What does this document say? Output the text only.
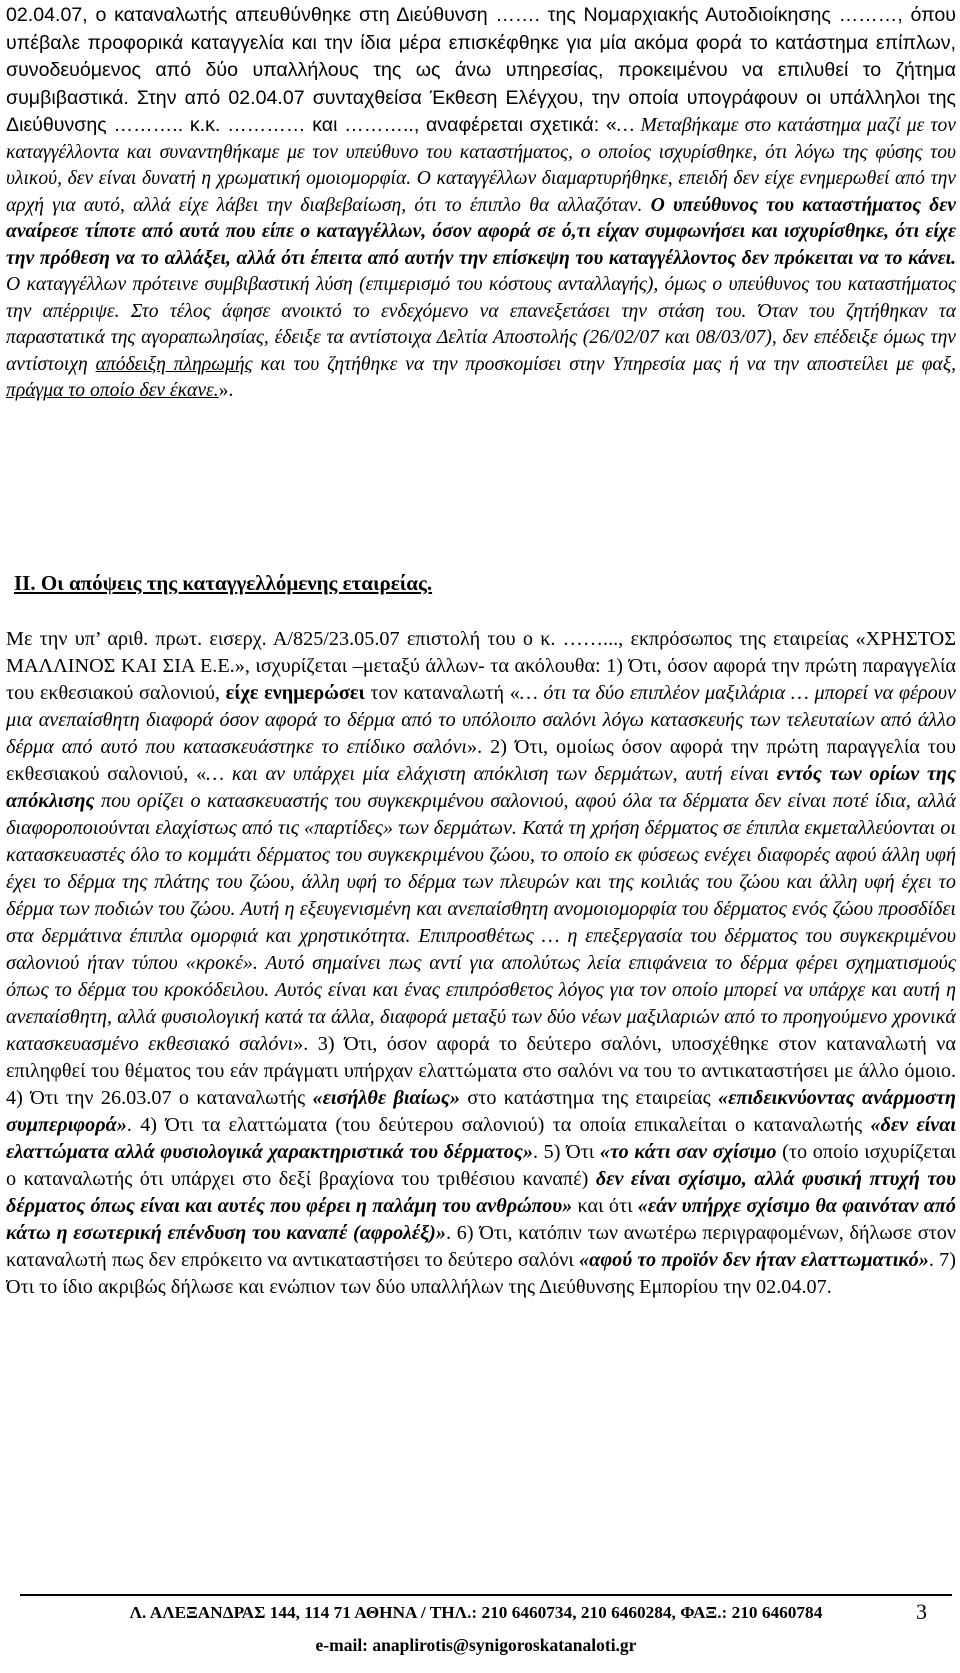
02.04.07, ο καταναλωτής απευθύνθηκε στη Διεύθυνση ……. της Νομαρχιακής Αυτοδιοίκησης ………, όπου υπέβαλε προφορικά καταγγελία και την ίδια μέρα επισκέφθηκε για μία ακόμα φορά το κατάστημα επίπλων, συνοδευόμενος από δύο υπαλλήλους της ως άνω υπηρεσίας, προκειμένου να επιλυθεί το ζήτημα συμβιβαστικά. Στην από 02.04.07 συνταχθείσα Έκθεση Ελέγχου, την οποία υπογράφουν οι υπάλληλοι της Διεύθυνσης ……….. κ.κ. ………… και ……….., αναφέρεται σχετικά: «… Μεταβήκαμε στο κατάστημα μαζί με τον καταγγέλλοντα και συναντηθήκαμε με τον υπεύθυνο του καταστήματος, ο οποίος ισχυρίσθηκε, ότι λόγω της φύσης του υλικού, δεν είναι δυνατή η χρωματική ομοιομορφία. Ο καταγγέλλων διαμαρτυρήθηκε, επειδή δεν είχε ενημερωθεί από την αρχή για αυτό, αλλά είχε λάβει την διαβεβαίωση, ότι το έπιπλο θα αλλαζόταν. Ο υπεύθυνος του καταστήματος δεν αναίρεσε τίποτε από αυτά που είπε ο καταγγέλλων, όσον αφορά σε ό,τι είχαν συμφωνήσει και ισχυρίσθηκε, ότι είχε την πρόθεση να το αλλάξει, αλλά ότι έπειτα από αυτήν την επίσκεψη του καταγγέλλοντος δεν πρόκειται να το κάνει. Ο καταγγέλλων πρότεινε συμβιβαστική λύση (επιμερισμό του κόστους ανταλλαγής), όμως ο υπεύθυνος του καταστήματος την απέρριψε. Στο τέλος άφησε ανοικτό το ενδεχόμενο να επανεξετάσει την στάση του. Όταν του ζητήθηκαν τα παραστατικά της αγοραπωλησίας, έδειξε τα αντίστοιχα Δελτία Αποστολής (26/02/07 και 08/03/07), δεν επέδειξε όμως την αντίστοιχη απόδειξη πληρωμής και του ζητήθηκε να την προσκομίσει στην Υπηρεσία μας ή να την αποστείλει με φαξ, πράγμα το οποίο δεν έκανε.».

ΙΙ. Οι απόψεις της καταγγελλόμενης εταιρείας.

Με την υπ’ αριθ. πρωτ. εισερχ. Α/825/23.05.07 επιστολή του ο κ. ……..., εκπρόσωπος της εταιρείας «ΧΡΗΣΤΟΣ ΜΑΛΛΙΝΟΣ ΚΑΙ ΣΙΑ Ε.Ε.», ισχυρίζεται –μεταξύ άλλων- τα ακόλουθα: 1) Ότι, όσον αφορά την πρώτη παραγγελία του εκθεσιακού σαλονιού, είχε ενημερώσει τον καταναλωτή «… ότι τα δύο επιπλέον μαξιλάρια … μπορεί να φέρουν μια ανεπαίσθητη διαφορά όσον αφορά το δέρμα από το υπόλοιπο σαλόνι λόγω κατασκευής των τελευταίων από άλλο δέρμα από αυτό που κατασκευάστηκε το επίδικο σαλόνι». 2) Ότι, ομοίως όσον αφορά την πρώτη παραγγελία του εκθεσιακού σαλονιού, «… και αν υπάρχει μία ελάχιστη απόκλιση των δερμάτων, αυτή είναι εντός των ορίων της απόκλισης που ορίζει ο κατασκευαστής του συγκεκριμένου σαλονιού, αφού όλα τα δέρματα δεν είναι ποτέ ίδια, αλλά διαφοροποιούνται ελαχίστως από τις «παρτίδες» των δερμάτων. Κατά τη χρήση δέρματος σε έπιπλα εκμεταλλεύονται οι κατασκευαστές όλο το κομμάτι δέρματος του συγκεκριμένου ζώου, το οποίο εκ φύσεως ενέχει διαφορές αφού άλλη υφή έχει το δέρμα της πλάτης του ζώου, άλλη υφή το δέρμα των πλευρών και της κοιλιάς του ζώου και άλλη υφή έχει το δέρμα των ποδιών του ζώου. Αυτή η εξευγενισμένη και ανεπαίσθητη ανομοιομορφία του δέρματος ενός ζώου προσδίδει στα δερμάτινα έπιπλα ομορφιά και χρηστικότητα. Επιπροσθέτως … η επεξεργασία του δέρματος του συγκεκριμένου σαλονιού ήταν τύπου «κροκέ». Αυτό σημαίνει πως αντί για απολύτως λεία επιφάνεια το δέρμα φέρει σχηματισμούς όπως το δέρμα του κροκόδειλου. Αυτός είναι και ένας επιπρόσθετος λόγος για τον οποίο μπορεί να υπάρχε και αυτή η ανεπαίσθητη, αλλά φυσιολογική κατά τα άλλα, διαφορά μεταξύ των δύο νέων μαξιλαριών από το προηγούμενο χρονικά κατασκευασμένο εκθεσιακό σαλόνι». 3) Ότι, όσον αφορά το δεύτερο σαλόνι, υποσχέθηκε στον καταναλωτή να επιληφθεί του θέματος του εάν πράγματι υπήρχαν ελαττώματα στο σαλόνι να του το αντικαταστήσει με άλλο όμοιο. 4) Ότι την 26.03.07 ο καταναλωτής «εισήλθε βιαίως» στο κατάστημα της εταιρείας «επιδεικνύοντας ανάρμοστη συμπεριφορά». 4) Ότι τα ελαττώματα (του δεύτερου σαλονιού) τα οποία επικαλείται ο καταναλωτής «δεν είναι ελαττώματα αλλά φυσιολογικά χαρακτηριστικά του δέρματος». 5) Ότι «το κάτι σαν σχίσιμο (το οποίο ισχυρίζεται ο καταναλωτής ότι υπάρχει στο δεξί βραχίονα του τριθέσιου καναπέ) δεν είναι σχίσιμο, αλλά φυσική πτυχή του δέρματος όπως είναι και αυτές που φέρει η παλάμη του ανθρώπου» και ότι «εάν υπήρχε σχίσιμο θα φαινόταν από κάτω η εσωτερική επένδυση του καναπέ (αφρολέξ)». 6) Ότι, κατόπιν των ανωτέρω περιγραφομένων, δήλωσε στον καταναλωτή πως δεν επρόκειτο να αντικαταστήσει το δεύτερο σαλόνι «αφού το προϊόν δεν ήταν ελαττωματικό». 7) Ότι το ίδιο ακριβώς δήλωσε και ενώπιον των δύο υπαλλήλων της Διεύθυνσης Εμπορίου την 02.04.07.

Λ. ΑΛΕΞΑΝΔΡΑΣ 144, 114 71 ΑΘΗΝΑ / ΤΗΛ.: 210 6460734, 210 6460284, ΦΑΞ.: 210 6460784	3
e-mail: anaplirotis@synigoroskatanaloti.gr
